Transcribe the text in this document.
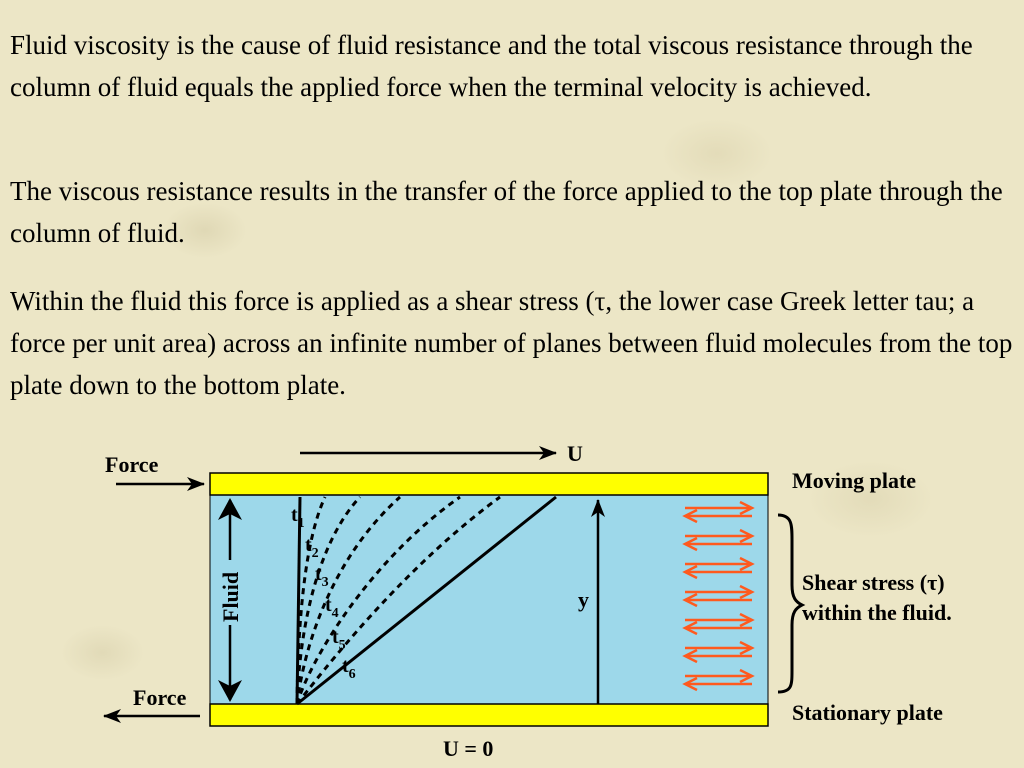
Fluid viscosity is the cause of fluid resistance and the total viscous resistance through the column of fluid equals the applied force when the terminal velocity is achieved.

The viscous resistance results in the transfer of the force applied to the top plate through the column of fluid.

Within the fluid this force is applied as a shear stress (τ, the lower case Greek letter tau; a force per unit area) across an infinite number of planes between fluid molecules from the top plate down to the bottom plate.

U
Force
Force
Fluid
$t_1$
$t_2$
$t_3$
$t_4$
$t_5$
$t_6$
y
Moving plate
Shear stress (τ)
within the fluid.
Stationary plate
U = 0
